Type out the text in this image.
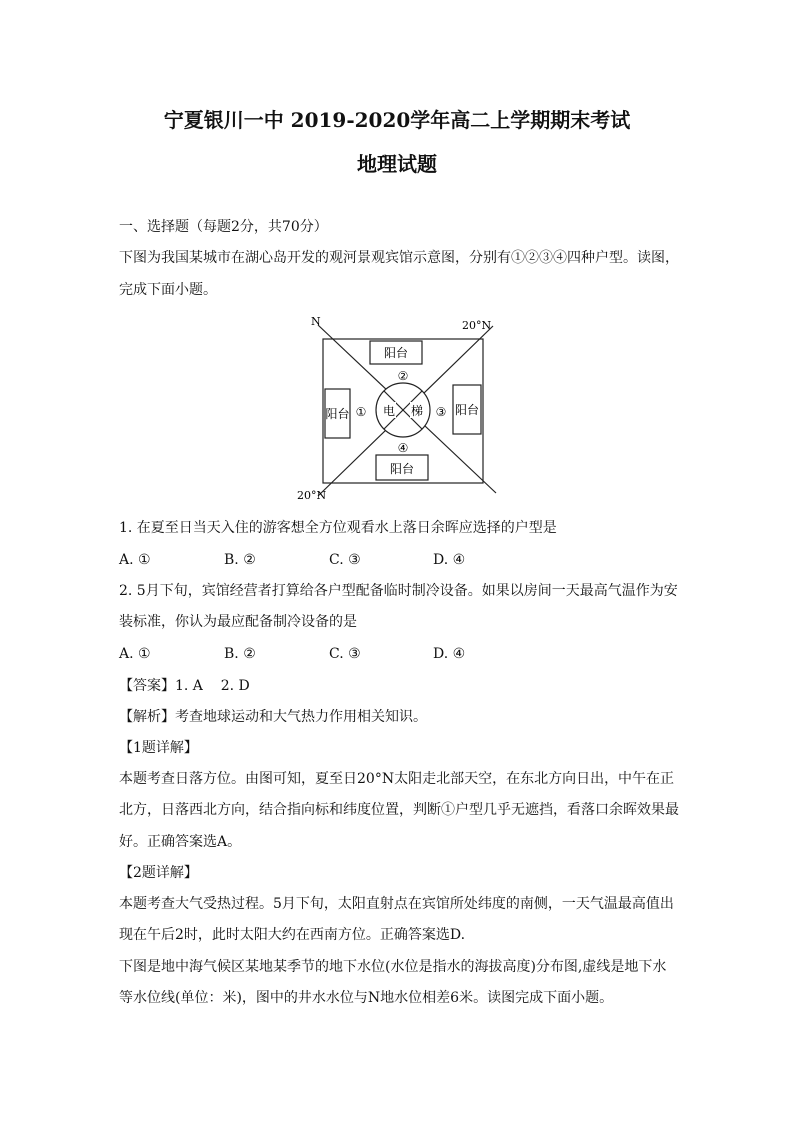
宁夏银川一中 2019-2020学年高二上学期期末考试
地理试题
一、选择题（每题2分，共70分）
下图为我国某城市在湖心岛开发的观河景观宾馆示意图，分别有①②③④四种户型。读图，
完成下面小题。
N	20°N
20°N
阳台
阳台
阳台	阳台
电 梯
①
②
③
④
1. 在夏至日当天入住的游客想全方位观看水上落日余晖应选择的户型是
A. ①	B. ②	C. ③	D. ④
2. 5月下旬，宾馆经营者打算给各户型配备临时制冷设备。如果以房间一天最高气温作为安
装标准，你认为最应配备制冷设备的是
A. ①	B. ②	C. ③	D. ④
【答案】1. A    2. D
【解析】考查地球运动和大气热力作用相关知识。
【1题详解】
本题考查日落方位。由图可知，夏至日20°N太阳走北部天空，在东北方向日出，中午在正
北方，日落西北方向，结合指向标和纬度位置，判断①户型几乎无遮挡，看落口余晖效果最
好。正确答案选A。
【2题详解】
本题考查大气受热过程。5月下旬，太阳直射点在宾馆所处纬度的南侧，一天气温最高值出
现在午后2时，此时太阳大约在西南方位。正确答案选D.
下图是地中海气候区某地某季节的地下水位(水位是指水的海拔高度)分布图,虚线是地下水
等水位线(单位：米)，图中的井水水位与N地水位相差6米。读图完成下面小题。
